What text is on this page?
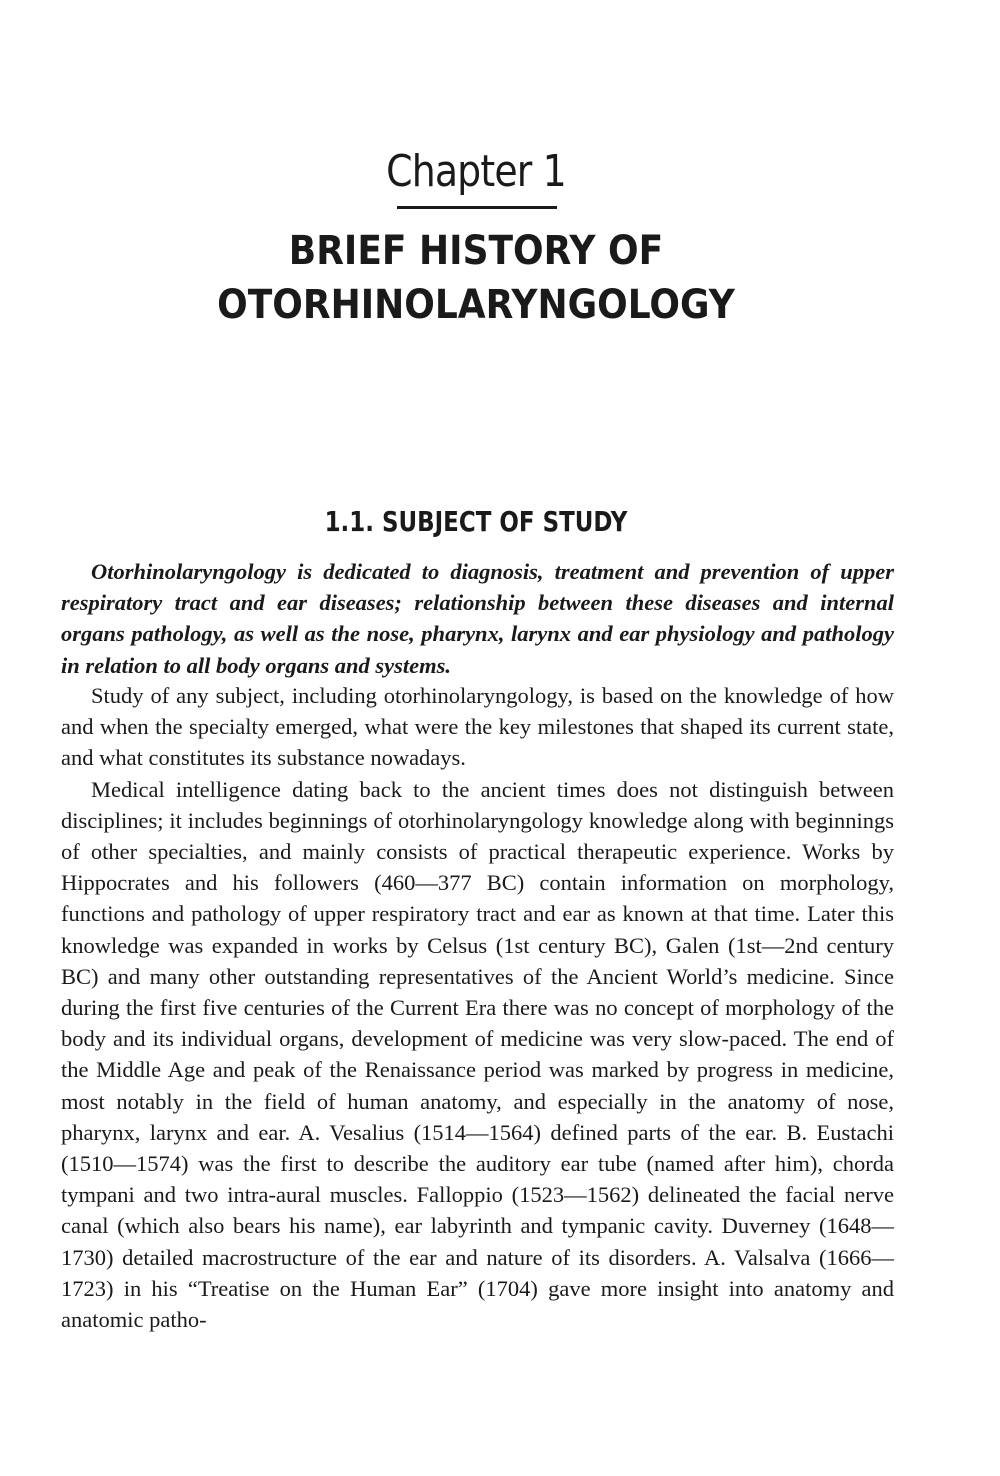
Chapter 1
BRIEF HISTORY OF
OTORHINOLARYNGOLOGY
1.1. SUBJECT OF STUDY

Otorhinolaryngology is dedicated to diagnosis, treatment and prevention of upper respiratory tract and ear diseases; relationship between these diseases and internal organs pathology, as well as the nose, pharynx, larynx and ear physiology and pathology in relation to all body organs and systems.

Study of any subject, including otorhinolaryngology, is based on the knowledge of how and when the specialty emerged, what were the key milestones that shaped its current state, and what constitutes its substance nowadays.

Medical intelligence dating back to the ancient times does not distinguish between disciplines; it includes beginnings of otorhinolaryngology knowledge along with beginnings of other specialties, and mainly consists of practical therapeutic experience. Works by Hippocrates and his followers (460—377 BC) contain information on morphology, functions and pathology of upper respiratory tract and ear as known at that time. Later this knowledge was expanded in works by Celsus (1st century BC), Galen (1st—2nd century BC) and many other outstanding representatives of the Ancient World’s medicine. Since during the first five centuries of the Current Era there was no concept of morphology of the body and its individual organs, development of medicine was very slow-paced. The end of the Middle Age and peak of the Renaissance period was marked by progress in medicine, most notably in the field of human anatomy, and especially in the anatomy of nose, pharynx, larynx and ear. A. Vesalius (1514—1564) defined parts of the ear. B. Eustachi (1510—1574) was the first to describe the auditory ear tube (named after him), chorda tympani and two intra-aural muscles. Falloppio (1523—1562) delineated the facial nerve canal (which also bears his name), ear labyrinth and tympanic cavity. Duverney (1648—1730) detailed macrostructure of the ear and nature of its disorders. A. Valsalva (1666—1723) in his “Treatise on the Human Ear” (1704) gave more insight into anatomy and anatomic patho-
